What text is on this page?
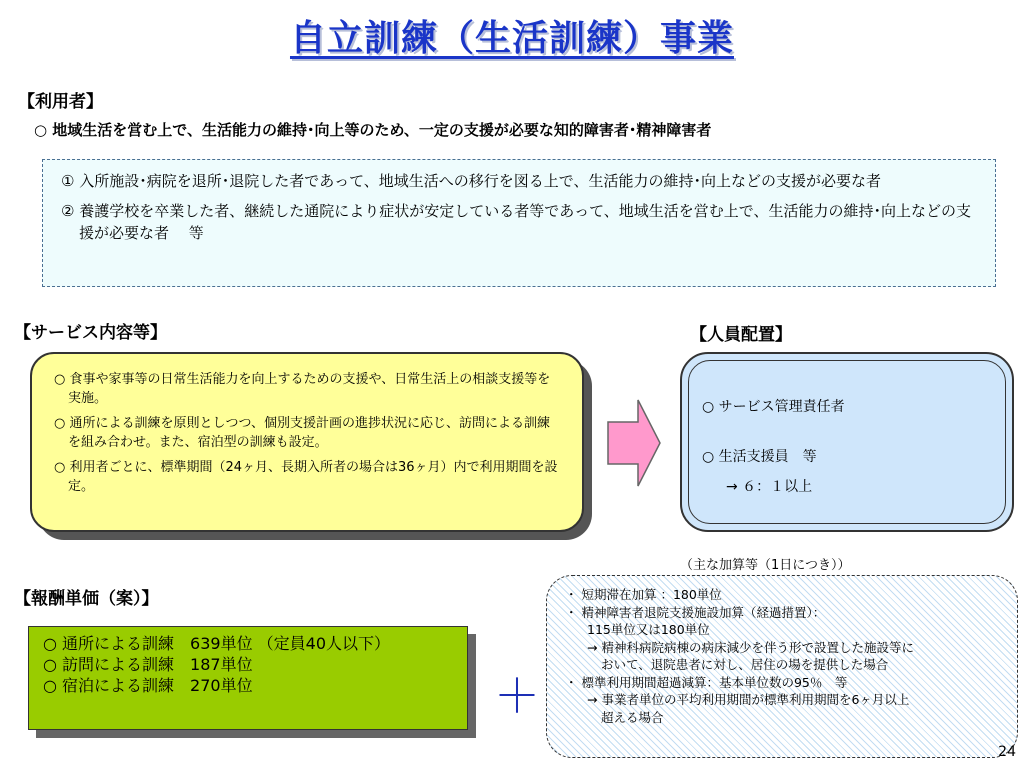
自立訓練（生活訓練）事業
【利用者】
○ 地域生活を営む上で、生活能力の維持･向上等のため、一定の支援が必要な知的障害者･精神障害者

① 入所施設･病院を退所･退院した者であって、地域生活への移行を図る上で、生活能力の維持･向上などの支援が必要な者

② 養護学校を卒業した者、継続した通院により症状が安定している者等であって、地域生活を営む上で、生活能力の維持･向上などの支援が必要な者　 等

【サービス内容等】

○ 食事や家事等の日常生活能力を向上するための支援や、日常生活上の相談支援等を実施。

○ 通所による訓練を原則としつつ、個別支援計画の進捗状況に応じ、訪問による訓練を組み合わせ。また、宿泊型の訓練も設定。

○ 利用者ごとに、標準期間（24ヶ月、長期入所者の場合は36ヶ月）内で利用期間を設定。

【人員配置】
○ サービス管理責任者
○ 生活支援員　等
→ ６：１以上
【報酬単価（案）】
○ 通所による訓練　639単位 （定員40人以下）
○ 訪問による訓練　187単位
○ 宿泊による訓練　270単位	＋
（主な加算等（1日につき））
・ 短期滞在加算 ：180単位
・ 精神障害者退院支援施設加算（経過措置）：
115単位又は180単位
→ 精神科病院病棟の病床減少を伴う形で設置した施設等に
おいて、退院患者に対し、居住の場を提供した場合
・ 標準利用期間超過減算：基本単位数の95％　等
→ 事業者単位の平均利用期間が標準利用期間を6ヶ月以上
超える場合
24
